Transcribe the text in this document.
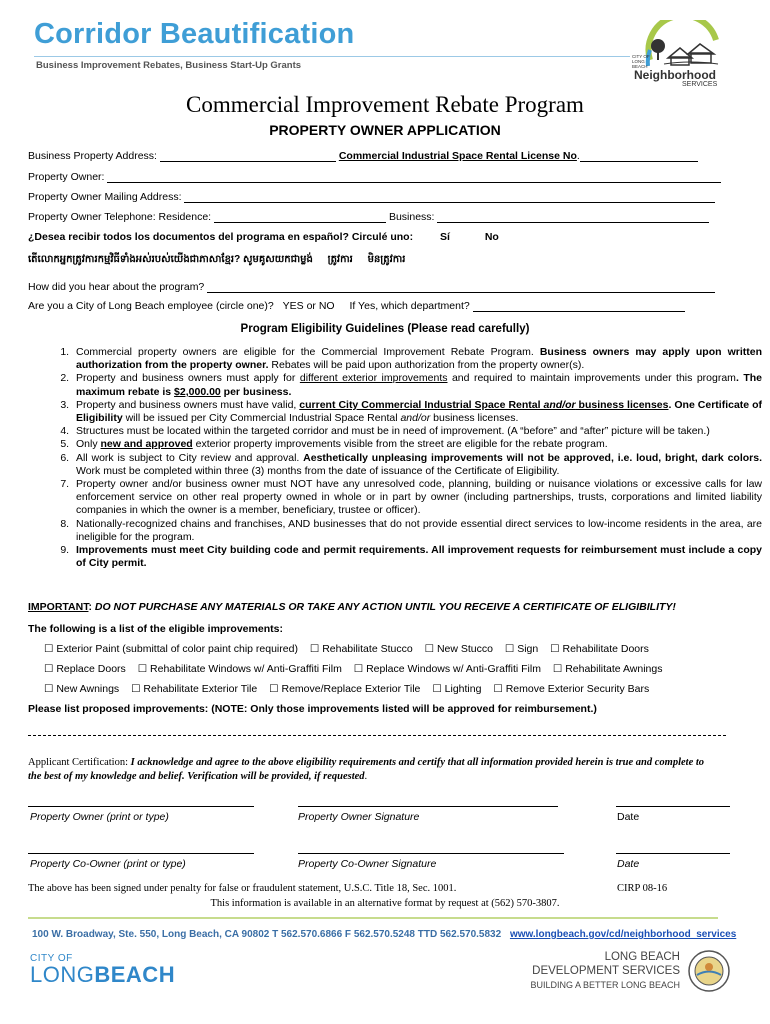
Corridor Beautification
Business Improvement Rebates, Business Start-Up Grants
CITY OF LONG BEACH
Neighborhood
SERVICES
Commercial Improvement Rebate Program
PROPERTY OWNER APPLICATION
Business Property Address:	Commercial Industrial Space Rental License No.
Property Owner:
Property Owner Mailing Address:
Property Owner Telephone: Residence:	Business:
¿Desea recibir todos los documentos del programa en español? Circulé uno:	Sí	No
តើលោកអ្នកត្រូវការកម្មវិធីទាំងអស់របស់យើងជាភាសាខ្មែរ? សូមគូសយកជាម្លង់ ត្រូវការ មិនត្រូវការ
How did you hear about the program?
Are you a City of Long Beach employee (circle one)? YES or NO If Yes, which department?
Program Eligibility Guidelines (Please read carefully)
1. Commercial property owners are eligible for the Commercial Improvement Rebate Program. Business owners may apply upon written authorization from the property owner. Rebates will be paid upon authorization from the property owner(s).
2. Property and business owners must apply for different exterior improvements and required to maintain improvements under this program. The maximum rebate is $2,000.00 per business.
3. Property and business owners must have valid, current City Commercial Industrial Space Rental and/or business licenses. One Certificate of Eligibility will be issued per City Commercial Industrial Space Rental and/or business licenses.
4. Structures must be located within the targeted corridor and must be in need of improvement. (A “before” and “after” picture will be taken.)
5. Only new and approved exterior property improvements visible from the street are eligible for the rebate program.
6. All work is subject to City review and approval. Aesthetically unpleasing improvements will not be approved, i.e. loud, bright, dark colors. Work must be completed within three (3) months from the date of issuance of the Certificate of Eligibility.
7. Property owner and/or business owner must NOT have any unresolved code, planning, building or nuisance violations or excessive calls for law enforcement service on other real property owned in whole or in part by owner (including partnerships, trusts, corporations and limited liability companies in which the owner is a member, beneficiary, trustee or officer).
8. Nationally-recognized chains and franchises, AND businesses that do not provide essential direct services to low-income residents in the area, are ineligible for the program.
9. Improvements must meet City building code and permit requirements. All improvement requests for reimbursement must include a copy of City permit.
IMPORTANT: DO NOT PURCHASE ANY MATERIALS OR TAKE ANY ACTION UNTIL YOU RECEIVE A CERTIFICATE OF ELIGIBILITY!
The following is a list of the eligible improvements:
☐ Exterior Paint (submittal of color paint chip required) ☐ Rehabilitate Stucco ☐ New Stucco ☐ Sign ☐ Rehabilitate Doors
☐ Replace Doors ☐ Rehabilitate Windows w/ Anti-Graffiti Film ☐ Replace Windows w/ Anti-Graffiti Film ☐ Rehabilitate Awnings
☐ New Awnings ☐ Rehabilitate Exterior Tile ☐ Remove/Replace Exterior Tile ☐ Lighting ☐ Remove Exterior Security Bars
Please list proposed improvements: (NOTE: Only those improvements listed will be approved for reimbursement.)
Applicant Certification: I acknowledge and agree to the above eligibility requirements and certify that all information provided herein is true and complete to the best of my knowledge and belief. Verification will be provided, if requested.
Property Owner (print or type)	Property Owner Signature	Date
Property Co-Owner (print or type)	Property Co-Owner Signature	Date
The above has been signed under penalty for false or fraudulent statement, U.S.C. Title 18, Sec. 1001.	CIRP 08-16
This information is available in an alternative format by request at (562) 570-3807.
100 W. Broadway, Ste. 550, Long Beach, CA 90802 T 562.570.6866 F 562.570.5248 TTD 562.570.5832 www.longbeach.gov/cd/neighborhood_services
CITY OF
LONGBEACH
LONG BEACH
DEVELOPMENT SERVICES
BUILDING A BETTER LONG BEACH
